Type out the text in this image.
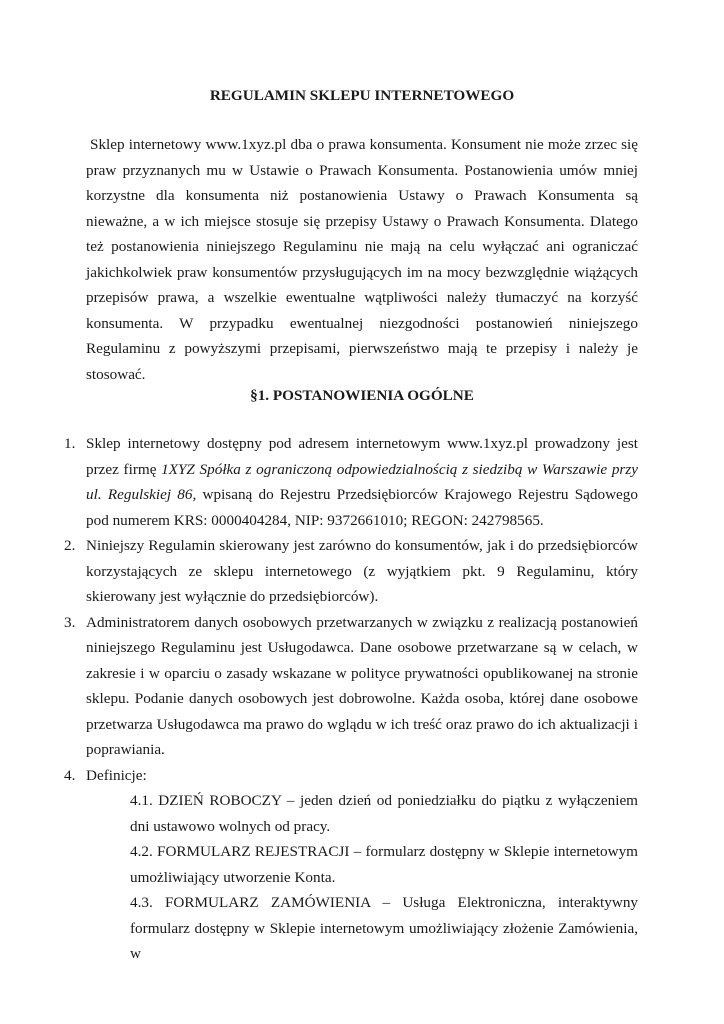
REGULAMIN SKLEPU INTERNETOWEGO

Sklep internetowy www.1xyz.pl dba o prawa konsumenta. Konsument nie może zrzec się praw przyznanych mu w Ustawie o Prawach Konsumenta. Postanowienia umów mniej korzystne dla konsumenta niż postanowienia Ustawy o Prawach Konsumenta są nieważne, a w ich miejsce stosuje się przepisy Ustawy o Prawach Konsumenta. Dlatego też postanowienia niniejszego Regulaminu nie mają na celu wyłączać ani ograniczać jakichkolwiek praw konsumentów przysługujących im na mocy bezwzględnie wiążących przepisów prawa, a wszelkie ewentualne wątpliwości należy tłumaczyć na korzyść konsumenta. W przypadku ewentualnej niezgodności postanowień niniejszego Regulaminu z powyższymi przepisami, pierwszeństwo mają te przepisy i należy je stosować.

§1. POSTANOWIENIA OGÓLNE
1. Sklep internetowy dostępny pod adresem internetowym www.1xyz.pl prowadzony jest przez firmę 1XYZ Spółka z ograniczoną odpowiedzialnością z siedzibą w Warszawie przy ul. Regulskiej 86, wpisaną do Rejestru Przedsiębiorców Krajowego Rejestru Sądowego pod numerem KRS: 0000404284, NIP: 9372661010; REGON: 242798565.
2. Niniejszy Regulamin skierowany jest zarówno do konsumentów, jak i do przedsiębiorców korzystających ze sklepu internetowego (z wyjątkiem pkt. 9 Regulaminu, który skierowany jest wyłącznie do przedsiębiorców).
3. Administratorem danych osobowych przetwarzanych w związku z realizacją postanowień niniejszego Regulaminu jest Usługodawca. Dane osobowe przetwarzane są w celach, w zakresie i w oparciu o zasady wskazane w polityce prywatności opublikowanej na stronie sklepu. Podanie danych osobowych jest dobrowolne. Każda osoba, której dane osobowe przetwarza Usługodawca ma prawo do wglądu w ich treść oraz prawo do ich aktualizacji i poprawiania.
4. Definicje:
4.1. DZIEŃ ROBOCZY – jeden dzień od poniedziałku do piątku z wyłączeniem dni ustawowo wolnych od pracy.
4.2. FORMULARZ REJESTRACJI – formularz dostępny w Sklepie internetowym umożliwiający utworzenie Konta.
4.3. FORMULARZ ZAMÓWIENIA – Usługa Elektroniczna, interaktywny formularz dostępny w Sklepie internetowym umożliwiający złożenie Zamówienia, w
